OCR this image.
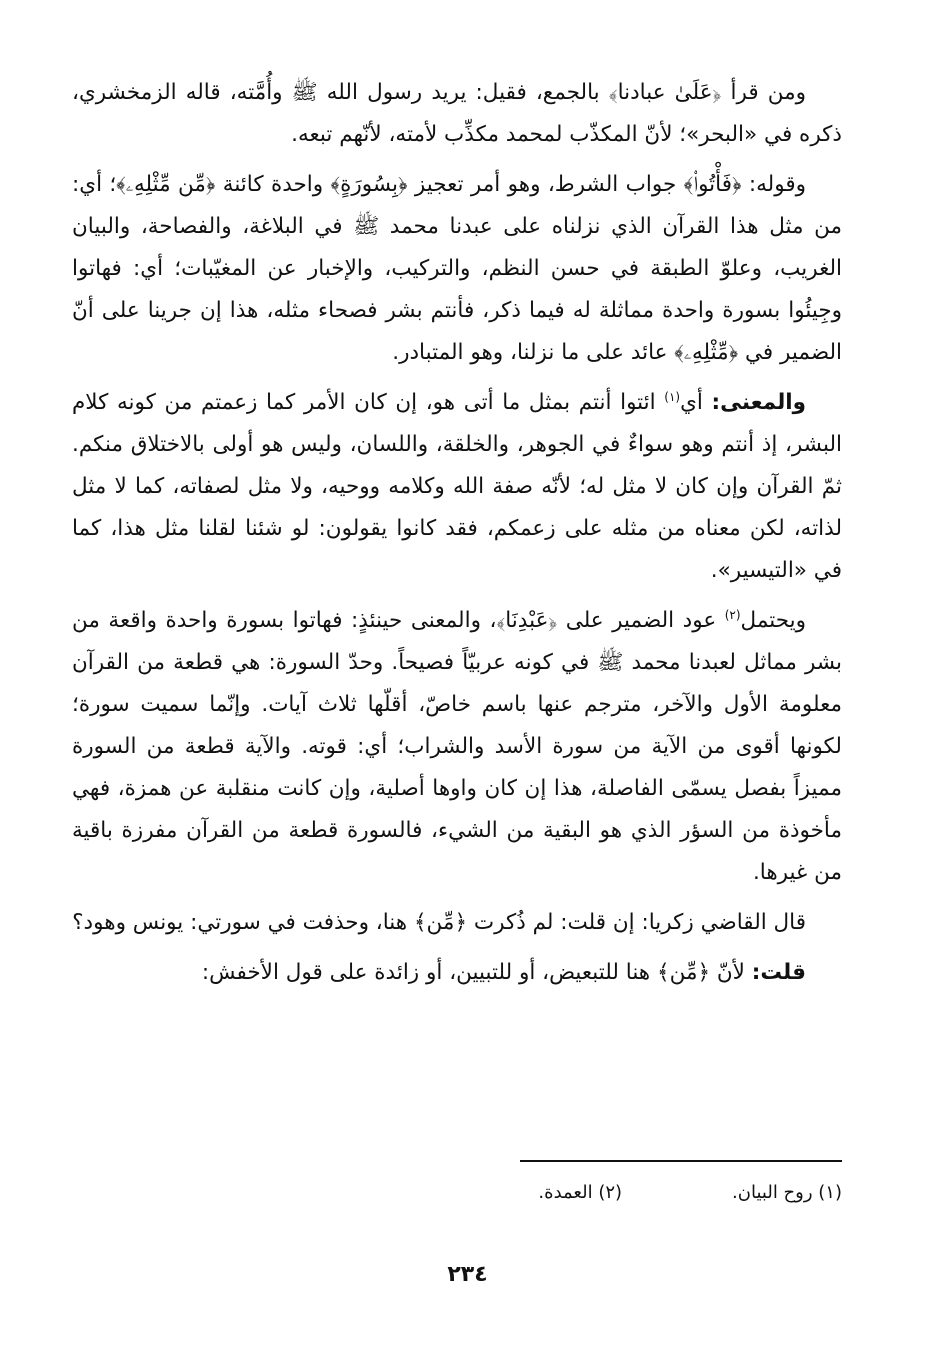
ومن قرأ ﴿عَلَىٰ عبادنا﴾ بالجمع، فقيل: يريد رسول الله ﷺ وأُمَّته، قاله الزمخشري، ذكره في «البحر»؛ لأنّ المكذّب لمحمد مكذِّب لأمته، لأنّهم تبعه.

وقوله: ﴿فَأْتُوا۟﴾ جواب الشرط، وهو أمر تعجيز ﴿بِسُورَةٍ﴾ واحدة كائنة ﴿مِّن مِّثْلِهِۦ﴾؛ أي: من مثل هذا القرآن الذي نزلناه على عبدنا محمد ﷺ في البلاغة، والفصاحة، والبيان الغريب، وعلوّ الطبقة في حسن النظم، والتركيب، والإخبار عن المغيّبات؛ أي: فهاتوا وجِيئُوا بسورة واحدة مماثلة له فيما ذكر، فأنتم بشر فصحاء مثله، هذا إن جرينا على أنّ الضمير في ﴿مِّثْلِهِۦ﴾ عائد على ما نزلنا، وهو المتبادر.

والمعنى: أي$^{(١)}$ ائتوا أنتم بمثل ما أتى هو، إن كان الأمر كما زعمتم من كونه كلام البشر، إذ أنتم وهو سواءٌ في الجوهر، والخلقة، واللسان، وليس هو أولى بالاختلاق منكم. ثمّ القرآن وإن كان لا مثل له؛ لأنّه صفة الله وكلامه ووحيه، ولا مثل لصفاته، كما لا مثل لذاته، لكن معناه من مثله على زعمكم، فقد كانوا يقولون: لو شئنا لقلنا مثل هذا، كما في «التيسير».

ويحتمل$^{(٢)}$ عود الضمير على ﴿عَبْدِنَا﴾، والمعنى حينئذٍ: فهاتوا بسورة واحدة واقعة من بشر مماثل لعبدنا محمد ﷺ في كونه عربيّاً فصيحاً. وحدّ السورة: هي قطعة من القرآن معلومة الأول والآخر، مترجم عنها باسم خاصّ، أقلّها ثلاث آيات. وإنّما سميت سورة؛ لكونها أقوى من الآية من سورة الأسد والشراب؛ أي: قوته. والآية قطعة من السورة مميزاً بفصل يسمّى الفاصلة، هذا إن كان واوها أصلية، وإن كانت منقلبة عن همزة، فهي مأخوذة من السؤر الذي هو البقية من الشيء، فالسورة قطعة من القرآن مفرزة باقية من غيرها.

قال القاضي زكريا: إن قلت: لم ذُكرت ﴿مِّن﴾ هنا، وحذفت في سورتي: يونس وهود؟

قلت: لأنّ ﴿مِّن﴾ هنا للتبعيض، أو للتبيين، أو زائدة على قول الأخفش:

(١) روح البيان.
(٢) العمدة.
٢٣٤
